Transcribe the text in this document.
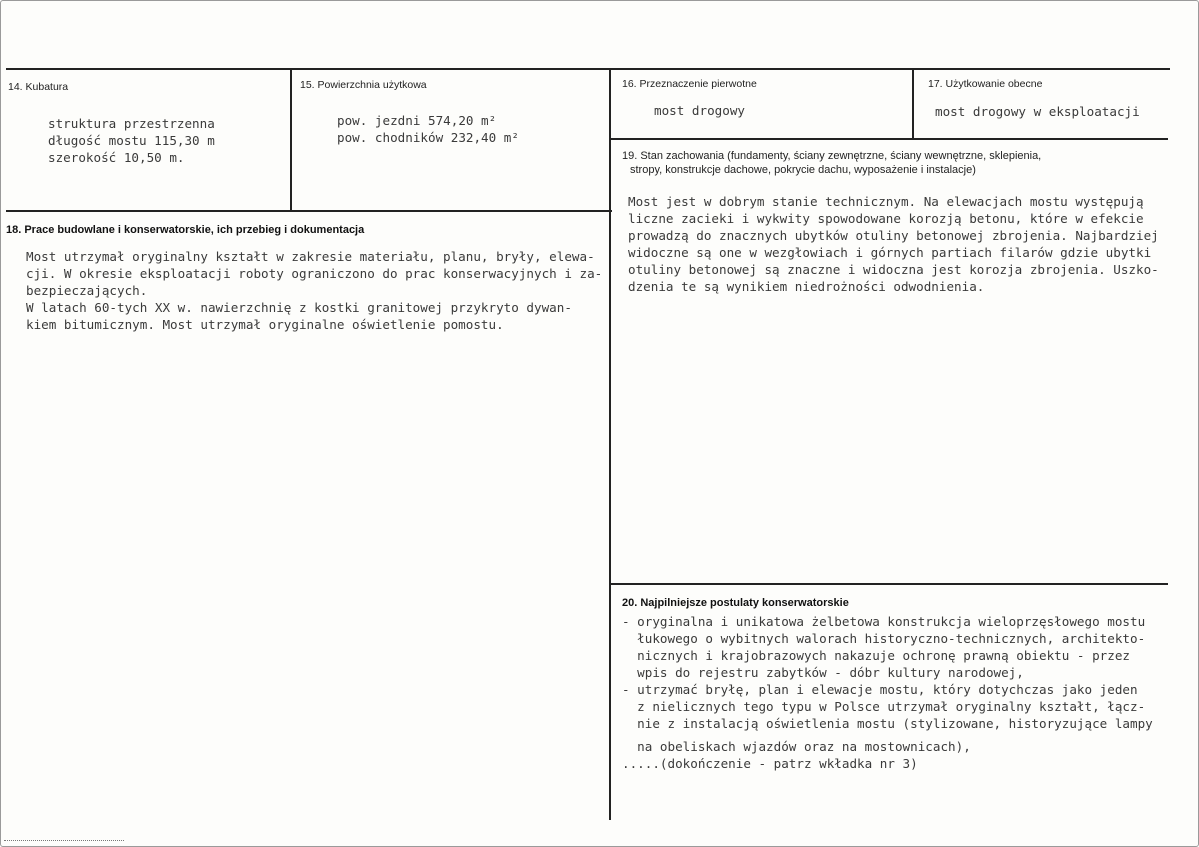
14. Kubatura
struktura przestrzenna
długość mostu 115,30 m
szerokość 10,50 m.
15. Powierzchnia użytkowa
pow. jezdni 574,20 m²
pow. chodników 232,40 m²
16. Przeznaczenie pierwotne
most drogowy
17. Użytkowanie obecne
most drogowy w eksploatacji
19. Stan zachowania (fundamenty, ściany zewnętrzne, ściany wewnętrzne, sklepienia,
stropy, konstrukcje dachowe, pokrycie dachu, wyposażenie i instalacje)
Most jest w dobrym stanie technicznym. Na elewacjach mostu występują
liczne zacieki i wykwity spowodowane korozją betonu, które w efekcie
prowadzą do znacznych ubytków otuliny betonowej zbrojenia. Najbardziej
widoczne są one w wezgłowiach i górnych partiach filarów gdzie ubytki
otuliny betonowej są znaczne i widoczna jest korozja zbrojenia. Uszko-
dzenia te są wynikiem niedrożności odwodnienia.
18. Prace budowlane i konserwatorskie, ich przebieg i dokumentacja
Most utrzymał oryginalny kształt w zakresie materiału, planu, bryły, elewa-
cji. W okresie eksploatacji roboty ograniczono do prac konserwacyjnych i za-
bezpieczających.
W latach 60-tych XX w. nawierzchnię z kostki granitowej przykryto dywan-
kiem bitumicznym. Most utrzymał oryginalne oświetlenie pomostu.
20. Najpilniejsze postulaty konserwatorskie
- oryginalna i unikatowa żelbetowa konstrukcja wieloprzęsłowego mostu
łukowego o wybitnych walorach historyczno-technicznych, architekto-
nicznych i krajobrazowych nakazuje ochronę prawną obiektu - przez
wpis do rejestru zabytków - dóbr kultury narodowej,
- utrzymać bryłę, plan i elewacje mostu, który dotychczas jako jeden
z nielicznych tego typu w Polsce utrzymał oryginalny kształt, łącz-
nie z instalacją oświetlenia mostu (stylizowane, historyzujące lampy
na obeliskach wjazdów oraz na mostownicach),
.....(dokończenie - patrz wkładka nr 3)
